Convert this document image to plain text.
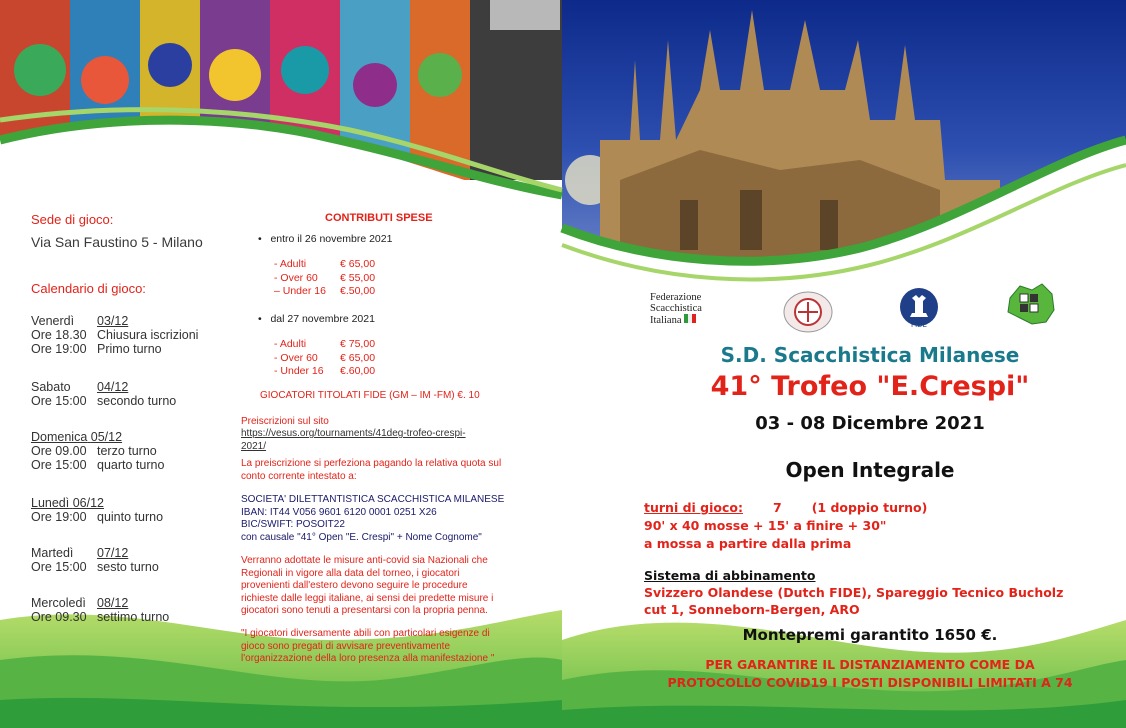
Sede di gioco:
Via San Faustino 5 - Milano
Calendario di gioco:
Venerdì 03/12
Ore 18.30 Chiusura iscrizioni
Ore 19:00 Primo turno
Sabato 04/12
Ore 15:00 secondo turno
Domenica 05/12
Ore 09.00 terzo turno
Ore 15:00 quarto turno
Lunedì 06/12
Ore 19:00 quinto turno
Martedì 07/12
Ore 15:00 sesto turno
Mercoledì 08/12
Ore 09.30 settimo turno
CONTRIBUTI SPESE
•   entro il 26 novembre 2021
- Adulti	€ 65,00
- Over 60 € 55,00
– Under 16 €.50,00
•   dal 27 novembre 2021
- Adulti	€ 75,00
- Over 60 € 65,00
- Under 16 €.60,00
GIOCATORI TITOLATI FIDE (GM – IM -FM) €. 10
Preiscrizioni sul sito
https://vesus.org/tournaments/41deg-trofeo-crespi-
2021/
La preiscrizione si perfeziona pagando la relativa quota sul
conto corrente intestato a:
SOCIETA' DILETTANTISTICA SCACCHISTICA MILANESE
IBAN: IT44 V056 9601 6120 0001 0251 X26
BIC/SWIFT: POSOIT22
con causale "41° Open "E. Crespi" + Nome Cognome"
Verranno adottate le misure anti-covid sia Nazionali che
Regionali in vigore alla data del torneo, i giocatori
provenienti dall'estero devono seguire le procedure
richieste dalle leggi italiane, ai sensi dei predette misure i
giocatori sono tenuti a presentarsi con la propria penna.
"I giocatori diversamente abili con particolari esigenze di
gioco sono pregati di avvisare preventivamente
l'organizzazione della loro presenza alla manifestazione "
Federazione
Scacchistica
Italiana	FIDE
S.D. Scacchistica Milanese
41° Trofeo "E.Crespi"
03 - 08 Dicembre 2021
Open Integrale
turni di gioco: 7 (1 doppio turno)
90' x 40 mosse + 15' a finire + 30"
a mossa a partire dalla prima
Sistema di abbinamento
Svizzero Olandese (Dutch FIDE), Spareggio Tecnico Bucholz
cut 1, Sonneborn-Bergen, ARO
Montepremi garantito 1650 €.
PER GARANTIRE IL DISTANZIAMENTO COME DA
PROTOCOLLO COVID19 I POSTI DISPONIBILI LIMITATI A 74
